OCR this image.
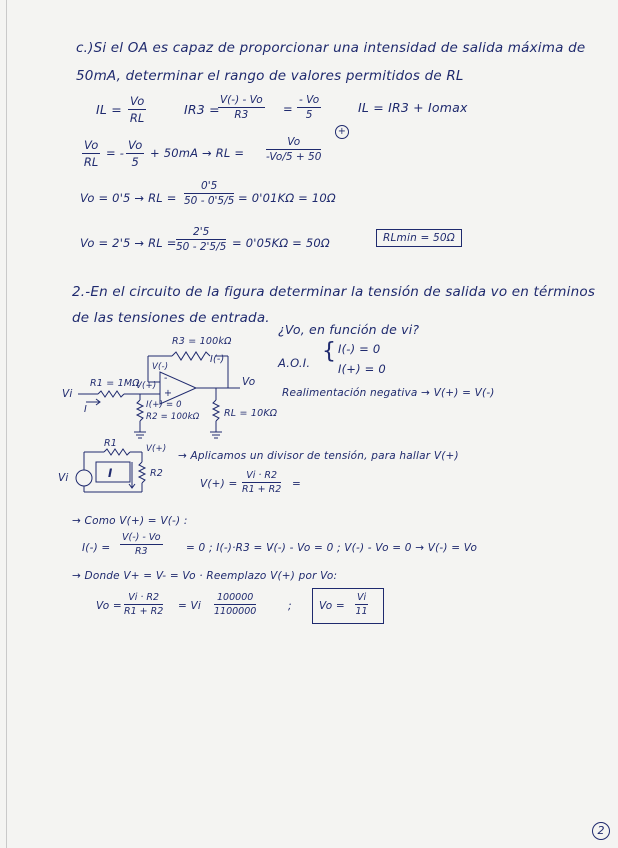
c.)Si el OA es capaz de proporcionar una intensidad de salida máxima de
50mA, determinar el rango de valores permitidos de RL
IL = $\frac{Vo}{RL}$	IR3 =
$\frac{V(-) - Vo}{R3} = \frac{- Vo}{5}$	IL = IR3 + Iomax
$\frac{Vo}{RL}$ = - $\frac{Vo}{5} + 50mA$ → RL = $\frac{Vo}{-Vo/5 + 50}$
+
Vo = 0'5 → RL = $\frac{0'5}{50 - 0'5/5} = 0'01K\Omega = 10\Omega$
Vo = 2'5 → RL = $\frac{2'5}{50 - 2'5/5} = 0'05K\Omega = 50\Omega$	RLmin = 50Ω
2.-En el circuito de la figura determinar la tensión de salida vo en términos
de las tensiones de entrada.
¿Vo, en función de vi?
A.O.I. { I(-) = 0
I(+) = 0
Realimentación negativa → V(+) = V(-)
R3 = 100kΩ
I(-)
V(-)
V(+)
R1 = 1MΩ
Vi
I	I(+) = 0
R2 = 100kΩ	RL = 10KΩ
Vo
-
+
R1	V(+)
Vi	I	R2
→ Aplicamos un divisor de tensión, para hallar V(+)
$V(+) = \frac{Vi \cdot R2}{R1 + R2}$ =
→ Como V(+) = V(-) :
$I(-) = \frac{V(-) - Vo}{R3} = 0$ ; I(-)·R3 = V(-) - Vo = 0 ; V(-) - Vo = 0 → V(-) = Vo
→ Donde V+ = V- = Vo · Reemplazo V(+) por Vo:
$Vo = \frac{Vi \cdot R2}{R1 + R2} = Vi \frac{100000}{1100000}$	;	$Vo = \frac{Vi}{11}$
2
